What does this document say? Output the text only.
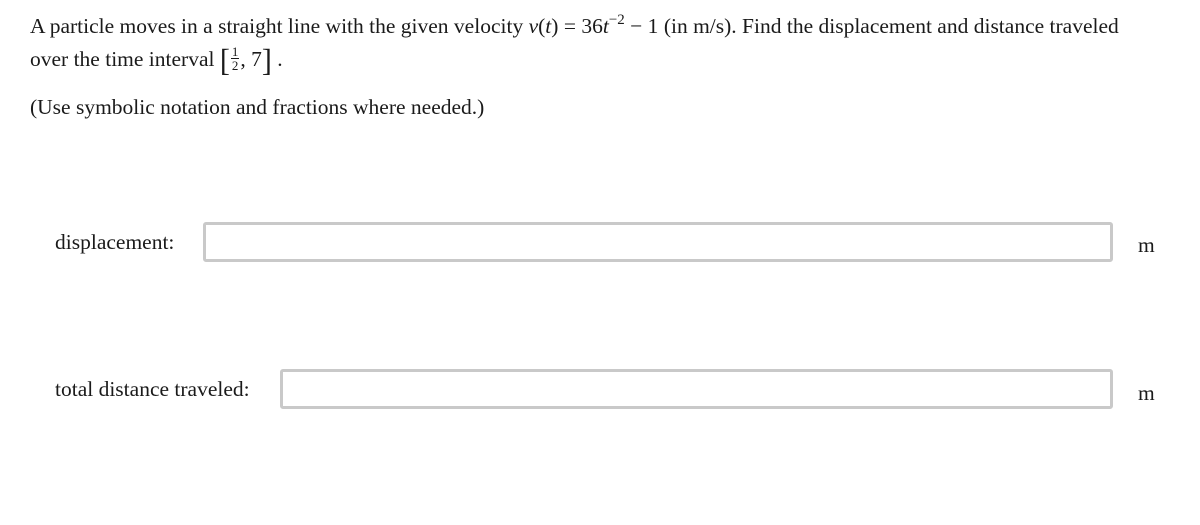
A particle moves in a straight line with the given velocity $v(t) = 36t^{-2} - 1$ (in m/s). Find the displacement and distance traveled

over the time interval [ $\frac{1}{2}$ , 7] .

(Use symbolic notation and fractions where needed.)

displacement:	m
total distance traveled:	m
